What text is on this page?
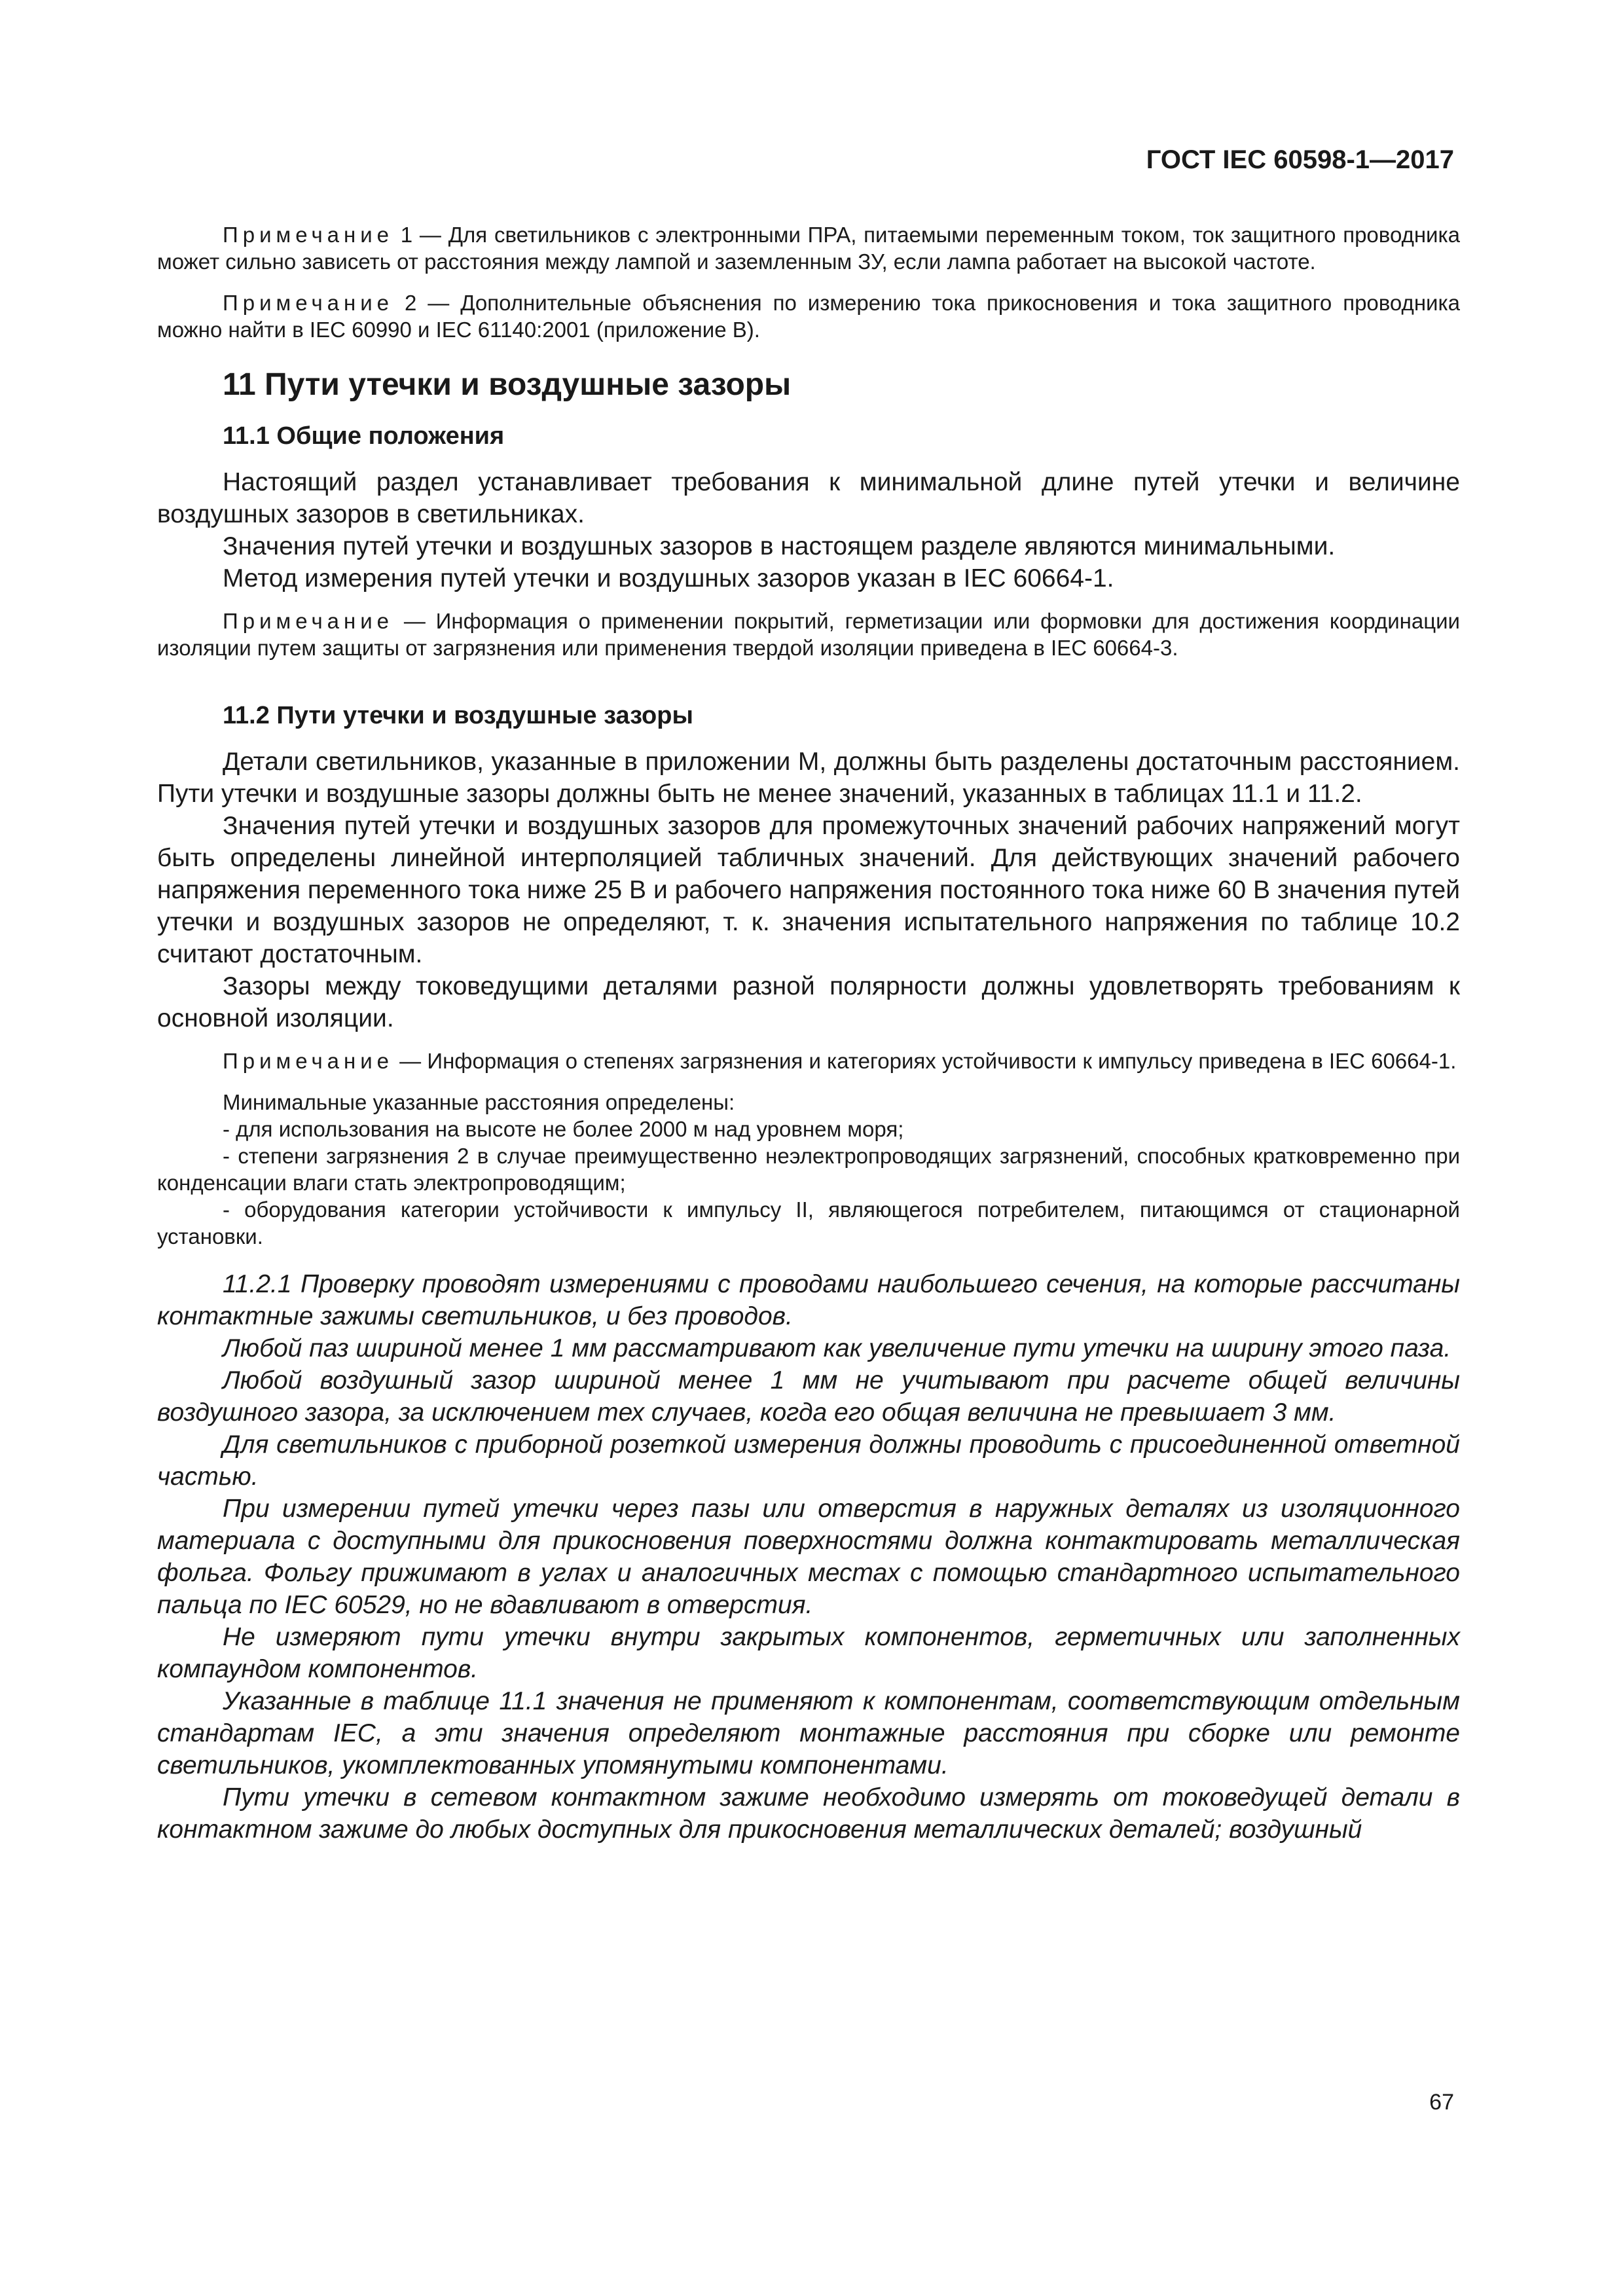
ГОСТ IEC 60598-1—2017

Примечание 1 — Для светильников с электронными ПРА, питаемыми переменным током, ток защитного проводника может сильно зависеть от расстояния между лампой и заземленным ЗУ, если лампа работает на высокой частоте.

Примечание 2 — Дополнительные объяснения по измерению тока прикосновения и тока защитного проводника можно найти в IEC 60990 и IEC 61140:2001 (приложение B).

11 Пути утечки и воздушные зазоры
11.1 Общие положения

Настоящий раздел устанавливает требования к минимальной длине путей утечки и величине воздушных зазоров в светильниках.

Значения путей утечки и воздушных зазоров в настоящем разделе являются минимальными.

Метод измерения путей утечки и воздушных зазоров указан в IEC 60664-1.

Примечание — Информация о применении покрытий, герметизации или формовки для достижения координации изоляции путем защиты от загрязнения или применения твердой изоляции приведена в IEC 60664-3.

11.2 Пути утечки и воздушные зазоры

Детали светильников, указанные в приложении М, должны быть разделены достаточным расстоянием. Пути утечки и воздушные зазоры должны быть не менее значений, указанных в таблицах 11.1 и 11.2.

Значения путей утечки и воздушных зазоров для промежуточных значений рабочих напряжений могут быть определены линейной интерполяцией табличных значений. Для действующих значений рабочего напряжения переменного тока ниже 25 В и рабочего напряжения постоянного тока ниже 60 В значения путей утечки и воздушных зазоров не определяют, т. к. значения испытательного напряжения по таблице 10.2 считают достаточным.

Зазоры между токоведущими деталями разной полярности должны удовлетворять требованиям к основной изоляции.

Примечание — Информация о степенях загрязнения и категориях устойчивости к импульсу приведена в IEC 60664-1.

Минимальные указанные расстояния определены:

- для использования на высоте не более 2000 м над уровнем моря;

- степени загрязнения 2 в случае преимущественно неэлектропроводящих загрязнений, способных кратковременно при конденсации влаги стать электропроводящим;

- оборудования категории устойчивости к импульсу II, являющегося потребителем, питающимся от стационарной установки.

11.2.1 Проверку проводят измерениями с проводами наибольшего сечения, на которые рассчитаны контактные зажимы светильников, и без проводов.

Любой паз шириной менее 1 мм рассматривают как увеличение пути утечки на ширину этого паза.

Любой воздушный зазор шириной менее 1 мм не учитывают при расчете общей величины воздушного зазора, за исключением тех случаев, когда его общая величина не превышает 3 мм.

Для светильников с приборной розеткой измерения должны проводить с присоединенной ответной частью.

При измерении путей утечки через пазы или отверстия в наружных деталях из изоляционного материала с доступными для прикосновения поверхностями должна контактировать металлическая фольга. Фольгу прижимают в углах и аналогичных местах с помощью стандартного испытательного пальца по IEC 60529, но не вдавливают в отверстия.

Не измеряют пути утечки внутри закрытых компонентов, герметичных или заполненных компаундом компонентов.

Указанные в таблице 11.1 значения не применяют к компонентам, соответствующим отдельным стандартам IEC, а эти значения определяют монтажные расстояния при сборке или ремонте светильников, укомплектованных упомянутыми компонентами.

Пути утечки в сетевом контактном зажиме необходимо измерять от токоведущей детали в контактном зажиме до любых доступных для прикосновения металлических деталей; воздушный

67
